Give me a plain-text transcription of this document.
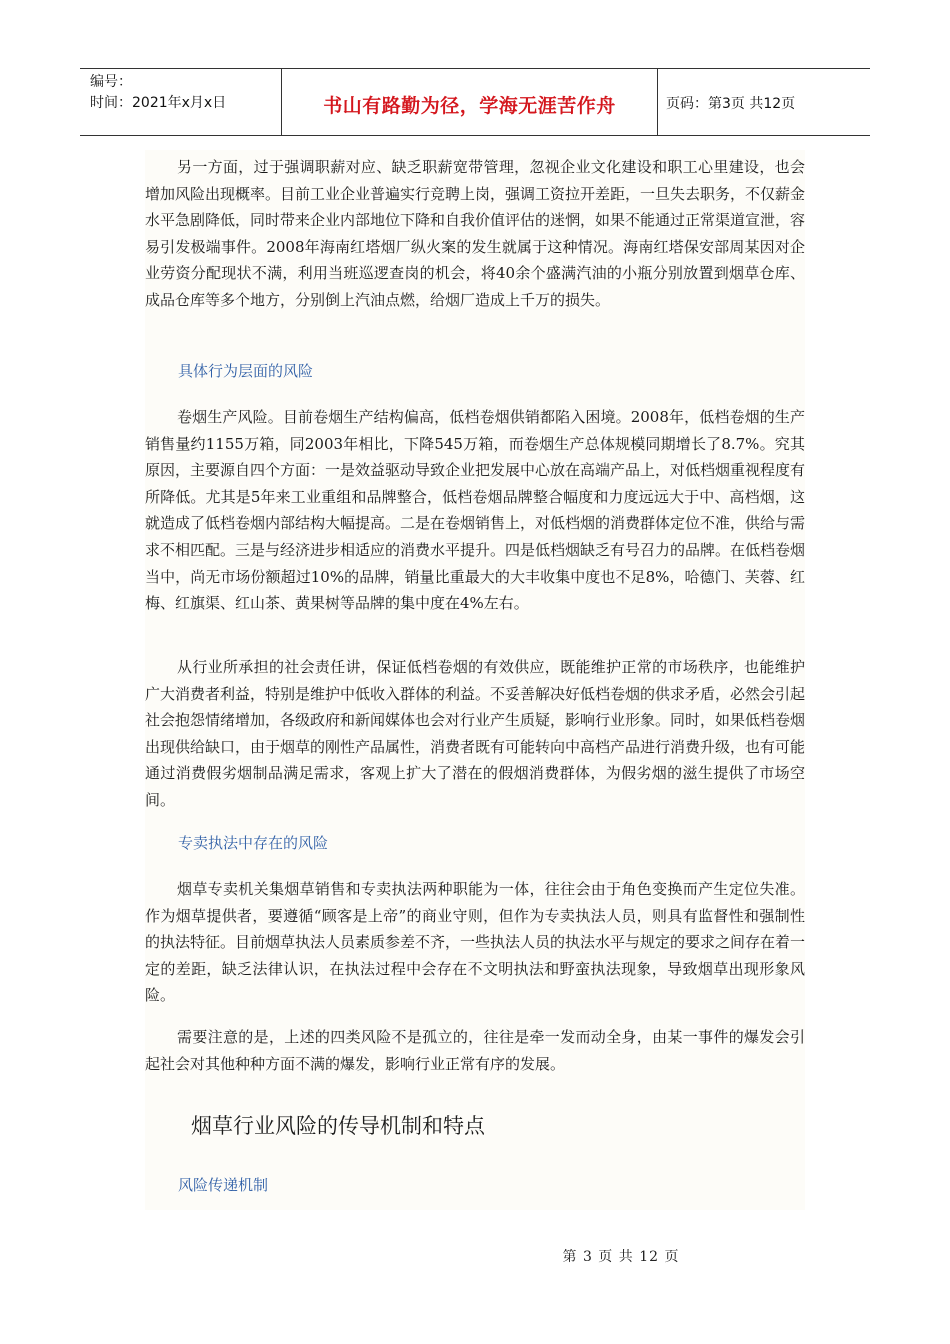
编号：
时间：2021年x月x日	书山有路勤为径，学海无涯苦作舟	页码：第3页 共12页

另一方面，过于强调职薪对应、缺乏职薪宽带管理，忽视企业文化建设和职工心里建设，也会增加风险出现概率。目前工业企业普遍实行竞聘上岗，强调工资拉开差距，一旦失去职务，不仅薪金水平急剧降低，同时带来企业内部地位下降和自我价值评估的迷惘，如果不能通过正常渠道宣泄，容易引发极端事件。2008年海南红塔烟厂纵火案的发生就属于这种情况。海南红塔保安部周某因对企业劳资分配现状不满，利用当班巡逻查岗的机会，将40余个盛满汽油的小瓶分别放置到烟草仓库、成品仓库等多个地方，分别倒上汽油点燃，给烟厂造成上千万的损失。

具体行为层面的风险

卷烟生产风险。目前卷烟生产结构偏高，低档卷烟供销都陷入困境。2008年，低档卷烟的生产销售量约1155万箱，同2003年相比，下降545万箱，而卷烟生产总体规模同期增长了8.7%。究其原因，主要源自四个方面：一是效益驱动导致企业把发展中心放在高端产品上，对低档烟重视程度有所降低。尤其是5年来工业重组和品牌整合，低档卷烟品牌整合幅度和力度远远大于中、高档烟，这就造成了低档卷烟内部结构大幅提高。二是在卷烟销售上，对低档烟的消费群体定位不准，供给与需求不相匹配。三是与经济进步相适应的消费水平提升。四是低档烟缺乏有号召力的品牌。在低档卷烟当中，尚无市场份额超过10%的品牌，销量比重最大的大丰收集中度也不足8%，哈德门、芙蓉、红梅、红旗渠、红山茶、黄果树等品牌的集中度在4%左右。

从行业所承担的社会责任讲，保证低档卷烟的有效供应，既能维护正常的市场秩序，也能维护广大消费者利益，特别是维护中低收入群体的利益。不妥善解决好低档卷烟的供求矛盾，必然会引起社会抱怨情绪增加，各级政府和新闻媒体也会对行业产生质疑，影响行业形象。同时，如果低档卷烟出现供给缺口，由于烟草的刚性产品属性，消费者既有可能转向中高档产品进行消费升级，也有可能通过消费假劣烟制品满足需求，客观上扩大了潜在的假烟消费群体，为假劣烟的滋生提供了市场空间。

专卖执法中存在的风险

烟草专卖机关集烟草销售和专卖执法两种职能为一体，往往会由于角色变换而产生定位失准。作为烟草提供者，要遵循“顾客是上帝”的商业守则，但作为专卖执法人员，则具有监督性和强制性的执法特征。目前烟草执法人员素质参差不齐，一些执法人员的执法水平与规定的要求之间存在着一定的差距，缺乏法律认识，在执法过程中会存在不文明执法和野蛮执法现象，导致烟草出现形象风险。

需要注意的是，上述的四类风险不是孤立的，往往是牵一发而动全身，由某一事件的爆发会引起社会对其他种种方面不满的爆发，影响行业正常有序的发展。

烟草行业风险的传导机制和特点

风险传递机制

第 3 页 共 12 页
